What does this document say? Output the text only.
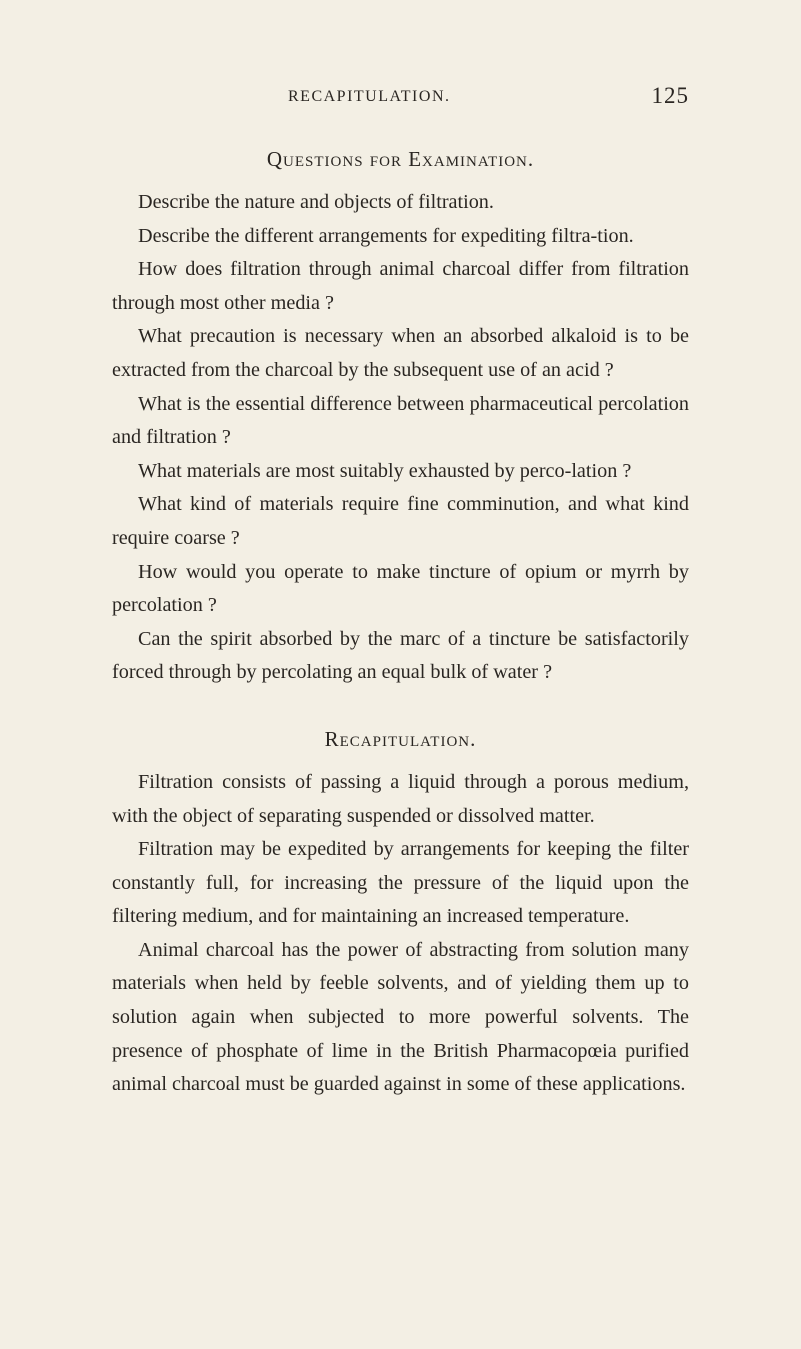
RECAPITULATION.	125
Questions for Examination.

Describe the nature and objects of filtration.

Describe the different arrangements for expediting filtra-tion.

How does filtration through animal charcoal differ from filtration through most other media ?

What precaution is necessary when an absorbed alkaloid is to be extracted from the charcoal by the subsequent use of an acid ?

What is the essential difference between pharmaceutical percolation and filtration ?

What materials are most suitably exhausted by perco-lation ?

What kind of materials require fine comminution, and what kind require coarse ?

How would you operate to make tincture of opium or myrrh by percolation ?

Can the spirit absorbed by the marc of a tincture be satisfactorily forced through by percolating an equal bulk of water ?

Recapitulation.

Filtration consists of passing a liquid through a porous medium, with the object of separating suspended or dissolved matter.

Filtration may be expedited by arrangements for keeping the filter constantly full, for increasing the pressure of the liquid upon the filtering medium, and for maintaining an increased temperature.

Animal charcoal has the power of abstracting from solution many materials when held by feeble solvents, and of yielding them up to solution again when subjected to more powerful solvents. The presence of phosphate of lime in the British Pharmacopœia purified animal charcoal must be guarded against in some of these applications.
